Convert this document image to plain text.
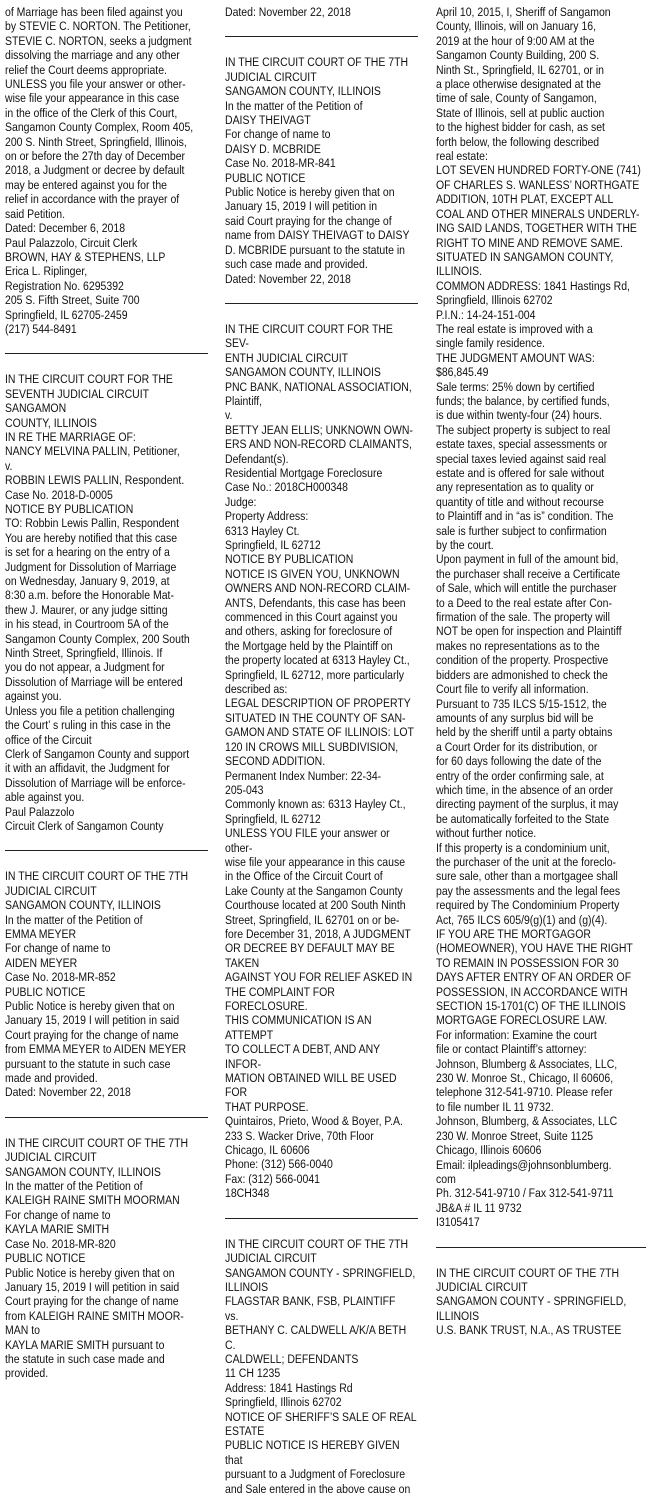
of Marriage has been filed against you
by STEVIE C. NORTON. The Petitioner,
STEVIE C. NORTON, seeks a judgment
dissolving the marriage and any other
relief the Court deems appropriate.
UNLESS you file your answer or other-
wise file your appearance in this case
in the office of the Clerk of this Court,
Sangamon County Complex, Room 405,
200 S. Ninth Street, Springfield, Illinois,
on or before the 27th day of December
2018, a Judgment or decree by default
may be entered against you for the
relief in accordance with the prayer of
said Petition.
Dated: December 6, 2018
Paul Palazzolo, Circuit Clerk
BROWN, HAY & STEPHENS, LLP
Erica L. Riplinger,
Registration No. 6295392
205 S. Fifth Street, Suite 700
Springfield, IL 62705-2459
(217) 544-8491

IN THE CIRCUIT COURT FOR THE
SEVENTH JUDICIAL CIRCUIT SANGAMON
COUNTY, ILLINOIS
IN RE THE MARRIAGE OF:
NANCY MELVINA PALLIN, Petitioner,
v.
ROBBIN LEWIS PALLIN, Respondent.
Case No. 2018-D-0005
NOTICE BY PUBLICATION
TO: Robbin Lewis Pallin, Respondent
You are hereby notified that this case
is set for a hearing on the entry of a
Judgment for Dissolution of Marriage
on Wednesday, January 9, 2019, at
8:30 a.m. before the Honorable Mat-
thew J. Maurer, or any judge sitting
in his stead, in Courtroom 5A of the
Sangamon County Complex, 200 South
Ninth Street, Springfield, Illinois. If
you do not appear, a Judgment for
Dissolution of Marriage will be entered
against you.
Unless you file a petition challenging
the Court’ s ruling in this case in the
office of the Circuit
Clerk of Sangamon County and support
it with an affidavit, the Judgment for
Dissolution of Marriage will be enforce-
able against you.
Paul Palazzolo
Circuit Clerk of Sangamon County

IN THE CIRCUIT COURT OF THE 7TH
JUDICIAL CIRCUIT
SANGAMON COUNTY, ILLINOIS
In the matter of the Petition of
EMMA MEYER
For change of name to
AIDEN MEYER
Case No. 2018-MR-852
PUBLIC NOTICE
Public Notice is hereby given that on
January 15, 2019 I will petition in said
Court praying for the change of name
from EMMA MEYER to AIDEN MEYER
pursuant to the statute in such case
made and provided.
Dated: November 22, 2018

IN THE CIRCUIT COURT OF THE 7TH
JUDICIAL CIRCUIT
SANGAMON COUNTY, ILLINOIS
In the matter of the Petition of
KALEIGH RAINE SMITH MOORMAN
For change of name to
KAYLA MARIE SMITH
Case No. 2018-MR-820
PUBLIC NOTICE
Public Notice is hereby given that on
January 15, 2019 I will petition in said
Court praying for the change of name
from KALEIGH RAINE SMITH MOOR-
MAN to
KAYLA MARIE SMITH pursuant to
the statute in such case made and
provided.

Dated: November 22, 2018

IN THE CIRCUIT COURT OF THE 7TH
JUDICIAL CIRCUIT
SANGAMON COUNTY, ILLINOIS
In the matter of the Petition of
DAISY THEIVAGT
For change of name to
DAISY D. MCBRIDE
Case No. 2018-MR-841
PUBLIC NOTICE
Public Notice is hereby given that on
January 15, 2019 I will petition in
said Court praying for the change of
name from DAISY THEIVAGT to DAISY
D. MCBRIDE pursuant to the statute in
such case made and provided.
Dated: November 22, 2018

IN THE CIRCUIT COURT FOR THE SEV-
ENTH JUDICIAL CIRCUIT
SANGAMON COUNTY, ILLINOIS
PNC BANK, NATIONAL ASSOCIATION,
Plaintiff,
v.
BETTY JEAN ELLIS; UNKNOWN OWN-
ERS AND NON-RECORD CLAIMANTS,
Defendant(s).
Residential Mortgage Foreclosure
Case No.: 2018CH000348
Judge:
Property Address:
6313 Hayley Ct.
Springfield, IL 62712
NOTICE BY PUBLICATION
NOTICE IS GIVEN YOU, UNKNOWN
OWNERS AND NON-RECORD CLAIM-
ANTS, Defendants, this case has been
commenced in this Court against you
and others, asking for foreclosure of
the Mortgage held by the Plaintiff on
the property located at 6313 Hayley Ct.,
Springfield, IL 62712, more particularly
described as:
LEGAL DESCRIPTION OF PROPERTY
SITUATED IN THE COUNTY OF SAN-
GAMON AND STATE OF ILLINOIS: LOT
120 IN CROWS MILL SUBDIVISION,
SECOND ADDITION.
Permanent Index Number: 22-34-
205-043
Commonly known as: 6313 Hayley Ct.,
Springfield, IL 62712
UNLESS YOU FILE your answer or other-
wise file your appearance in this cause
in the Office of the Circuit Court of
Lake County at the Sangamon County
Courthouse located at 200 South Ninth
Street, Springfield, IL 62701 on or be-
fore December 31, 2018, A JUDGMENT
OR DECREE BY DEFAULT MAY BE TAKEN
AGAINST YOU FOR RELIEF ASKED IN
THE COMPLAINT FOR FORECLOSURE.
THIS COMMUNICATION IS AN ATTEMPT
TO COLLECT A DEBT, AND ANY INFOR-
MATION OBTAINED WILL BE USED FOR
THAT PURPOSE.
Quintairos, Prieto, Wood & Boyer, P.A.
233 S. Wacker Drive, 70th Floor
Chicago, IL 60606
Phone: (312) 566-0040
Fax: (312) 566-0041
18CH348

IN THE CIRCUIT COURT OF THE 7TH
JUDICIAL CIRCUIT
SANGAMON COUNTY - SPRINGFIELD,
ILLINOIS
FLAGSTAR BANK, FSB, PLAINTIFF
vs.
BETHANY C. CALDWELL A/K/A BETH C.
CALDWELL; DEFENDANTS
11 CH 1235
Address: 1841 Hastings Rd
Springfield, Illinois 62702
NOTICE OF SHERIFF’S SALE OF REAL
ESTATE
PUBLIC NOTICE IS HEREBY GIVEN that
pursuant to a Judgment of Foreclosure
and Sale entered in the above cause on

April 10, 2015, I, Sheriff of Sangamon
County, Illinois, will on January 16,
2019 at the hour of 9:00 AM at the
Sangamon County Building, 200 S.
Ninth St., Springfield, IL 62701, or in
a place otherwise designated at the
time of sale, County of Sangamon,
State of Illinois, sell at public auction
to the highest bidder for cash, as set
forth below, the following described
real estate:
LOT SEVEN HUNDRED FORTY-ONE (741)
OF CHARLES S. WANLESS’ NORTHGATE
ADDITION, 10TH PLAT, EXCEPT ALL
COAL AND OTHER MINERALS UNDERLY-
ING SAID LANDS, TOGETHER WITH THE
RIGHT TO MINE AND REMOVE SAME.
SITUATED IN SANGAMON COUNTY,
ILLINOIS.
COMMON ADDRESS: 1841 Hastings Rd,
Springfield, Illinois 62702
P.I.N.: 14-24-151-004
The real estate is improved with a
single family residence.
THE JUDGMENT AMOUNT WAS:
$86,845.49
Sale terms: 25% down by certified
funds; the balance, by certified funds,
is due within twenty-four (24) hours.
The subject property is subject to real
estate taxes, special assessments or
special taxes levied against said real
estate and is offered for sale without
any representation as to quality or
quantity of title and without recourse
to Plaintiff and in “as is” condition. The
sale is further subject to confirmation
by the court.
Upon payment in full of the amount bid,
the purchaser shall receive a Certificate
of Sale, which will entitle the purchaser
to a Deed to the real estate after Con-
firmation of the sale. The property will
NOT be open for inspection and Plaintiff
makes no representations as to the
condition of the property. Prospective
bidders are admonished to check the
Court file to verify all information.
Pursuant to 735 ILCS 5/15-1512, the
amounts of any surplus bid will be
held by the sheriff until a party obtains
a Court Order for its distribution, or
for 60 days following the date of the
entry of the order confirming sale, at
which time, in the absence of an order
directing payment of the surplus, it may
be automatically forfeited to the State
without further notice.
If this property is a condominium unit,
the purchaser of the unit at the foreclo-
sure sale, other than a mortgagee shall
pay the assessments and the legal fees
required by The Condominium Property
Act, 765 ILCS 605/9(g)(1) and (g)(4).
IF YOU ARE THE MORTGAGOR
(HOMEOWNER), YOU HAVE THE RIGHT
TO REMAIN IN POSSESSION FOR 30
DAYS AFTER ENTRY OF AN ORDER OF
POSSESSION, IN ACCORDANCE WITH
SECTION 15-1701(C) OF THE ILLINOIS
MORTGAGE FORECLOSURE LAW.
For information: Examine the court
file or contact Plaintiff’s attorney:
Johnson, Blumberg & Associates, LLC,
230 W. Monroe St., Chicago, Il 60606,
telephone 312-541-9710. Please refer
to file number IL 11 9732.
Johnson, Blumberg, & Associates, LLC
230 W. Monroe Street, Suite 1125
Chicago, Illinois 60606
Email: ilpleadings@johnsonblumberg.
com
Ph. 312-541-9710 / Fax 312-541-9711
JB&A # IL 11 9732
I3105417

IN THE CIRCUIT COURT OF THE 7TH
JUDICIAL CIRCUIT
SANGAMON COUNTY - SPRINGFIELD,
ILLINOIS
U.S. BANK TRUST, N.A., AS TRUSTEE
